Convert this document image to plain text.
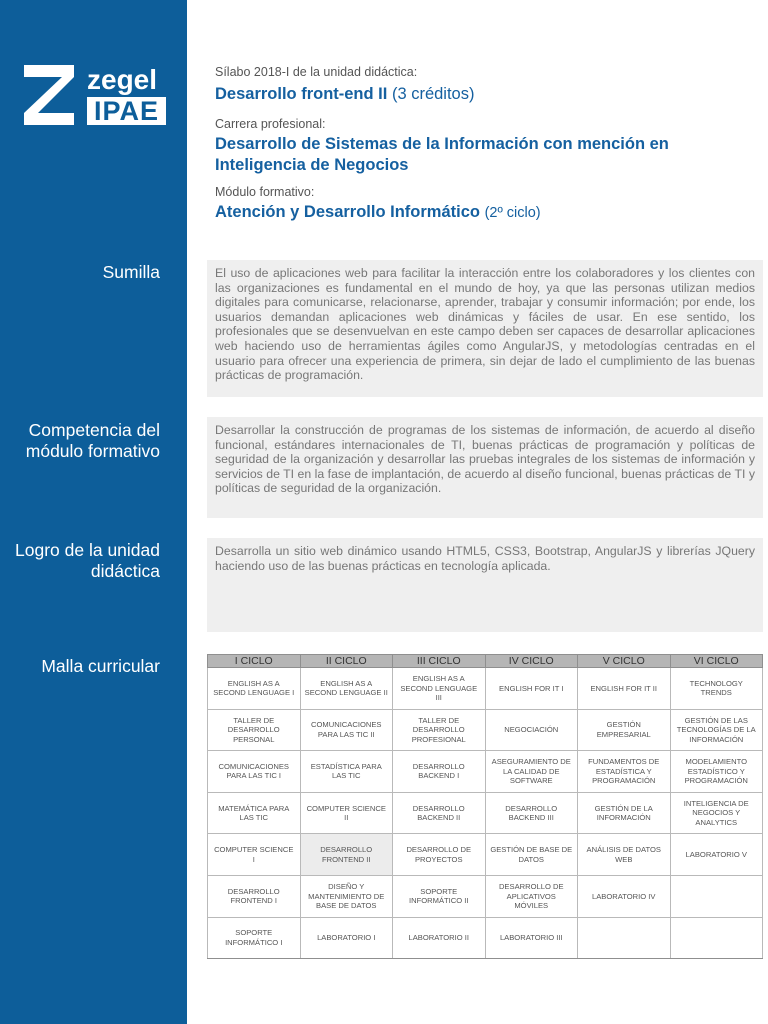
zegel
IPAE
Sumilla
Competencia del módulo formativo
Logro de la unidad didáctica
Malla curricular
Sílabo 2018-I de la unidad didáctica:
Desarrollo front-end II (3 créditos)
Carrera profesional:
Desarrollo de Sistemas de la Información con mención en Inteligencia de Negocios
Módulo formativo:
Atención y Desarrollo Informático (2º ciclo)
El uso de aplicaciones web para facilitar la interacción entre los colaboradores y los clientes con las organizaciones es fundamental en el mundo de hoy, ya que las personas utilizan medios digitales para comunicarse, relacionarse, aprender, trabajar y consumir información; por ende, los usuarios demandan aplicaciones web dinámicas y fáciles de usar. En ese sentido, los profesionales que se desenvuelvan en este campo deben ser capaces de desarrollar aplicaciones web haciendo uso de herramientas ágiles como AngularJS, y metodologías centradas en el usuario para ofrecer una experiencia de primera, sin dejar de lado el cumplimiento de las buenas prácticas de programación.
Desarrollar la construcción de programas de los sistemas de información, de acuerdo al diseño funcional, estándares internacionales de TI, buenas prácticas de programación y políticas de seguridad de la organización y desarrollar las pruebas integrales de los sistemas de información y servicios de TI en la fase de implantación, de acuerdo al diseño funcional, buenas prácticas de TI y políticas de seguridad de la organización.
Desarrolla un sitio web dinámico usando HTML5, CSS3, Bootstrap, AngularJS y librerías JQuery haciendo uso de las buenas prácticas en tecnología aplicada.
I CICLO	II CICLO	III CICLO	IV CICLO	V CICLO	VI CICLO
ENGLISH AS A SECOND LENGUAGE I	ENGLISH AS A SECOND LENGUAGE II	ENGLISH AS A SECOND LENGUAGE III	ENGLISH FOR IT I	ENGLISH FOR IT II	TECHNOLOGY TRENDS
TALLER DE DESARROLLO PERSONAL	COMUNICACIONES PARA LAS TIC II	TALLER DE DESARROLLO PROFESIONAL	NEGOCIACIÓN	GESTIÓN EMPRESARIAL	GESTIÓN DE LAS TECNOLOGÍAS DE LA INFORMACIÓN
COMUNICACIONES PARA LAS TIC I	ESTADÍSTICA PARA LAS TIC	DESARROLLO BACKEND I	ASEGURAMIENTO DE LA CALIDAD DE SOFTWARE	FUNDAMENTOS DE ESTADÍSTICA Y PROGRAMACIÓN	MODELAMIENTO ESTADÍSTICO Y PROGRAMACIÓN
MATEMÁTICA PARA LAS TIC	COMPUTER SCIENCE II	DESARROLLO BACKEND II	DESARROLLO BACKEND III	GESTIÓN DE LA INFORMACIÓN	INTELIGENCIA DE NEGOCIOS Y ANALYTICS
COMPUTER SCIENCE I	DESARROLLO FRONTEND II	DESARROLLO DE PROYECTOS	GESTIÓN DE BASE DE DATOS	ANÁLISIS DE DATOS WEB	LABORATORIO V
DESARROLLO FRONTEND I	DISEÑO Y MANTENIMIENTO DE BASE DE DATOS	SOPORTE INFORMÁTICO II	DESARROLLO DE APLICATIVOS MÓVILES	LABORATORIO IV	
SOPORTE INFORMÁTICO I	LABORATORIO I	LABORATORIO II	LABORATORIO III		
